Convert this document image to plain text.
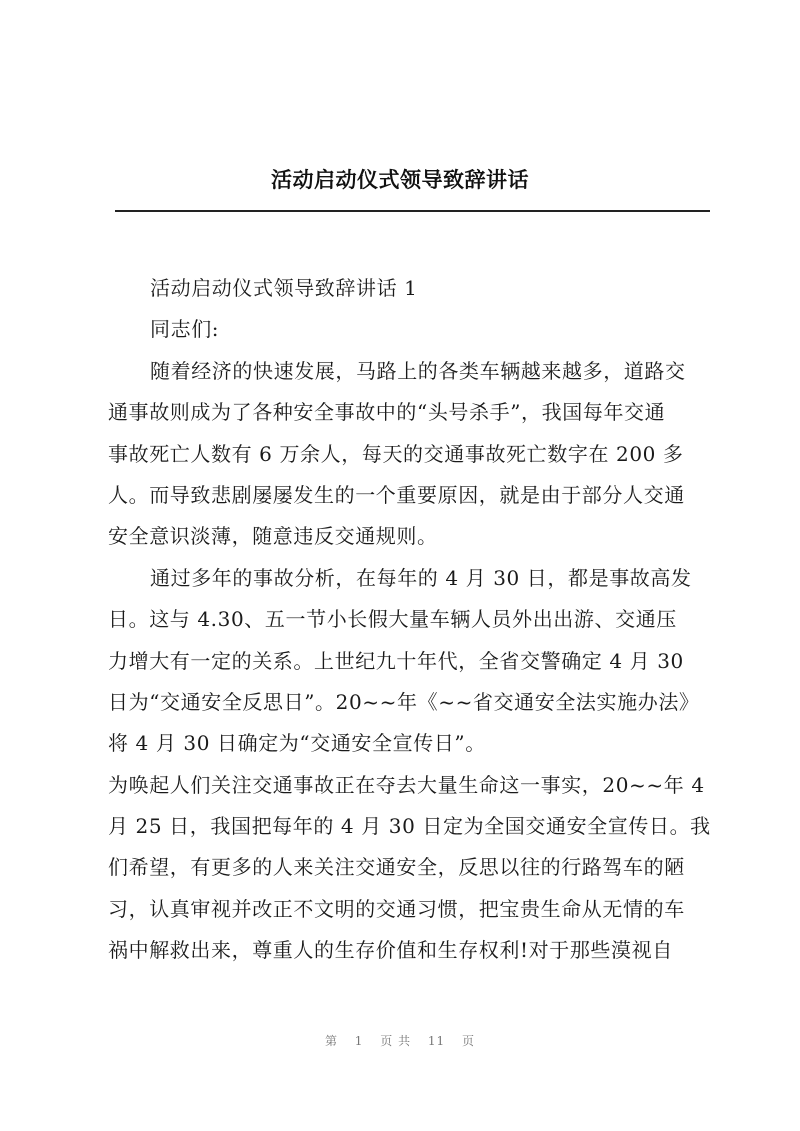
活动启动仪式领导致辞讲话
活动启动仪式领导致辞讲话 1
同志们:
随着经济的快速发展，马路上的各类车辆越来越多，道路交
通事故则成为了各种安全事故中的“头号杀手”，我国每年交通
事故死亡人数有 6 万余人，每天的交通事故死亡数字在 200 多
人。而导致悲剧屡屡发生的一个重要原因，就是由于部分人交通
安全意识淡薄，随意违反交通规则。
通过多年的事故分析，在每年的 4 月 30 日，都是事故高发
日。这与 4.30、五一节小长假大量车辆人员外出出游、交通压
力增大有一定的关系。上世纪九十年代，全省交警确定 4 月 30
日为“交通安全反思日”。20~~年《~~省交通安全法实施办法》
将 4 月 30 日确定为“交通安全宣传日”。
为唤起人们关注交通事故正在夺去大量生命这一事实，20~~年 4
月 25 日，我国把每年的 4 月 30 日定为全国交通安全宣传日。我
们希望，有更多的人来关注交通安全，反思以往的行路驾车的陋
习，认真审视并改正不文明的交通习惯，把宝贵生命从无情的车
祸中解救出来，尊重人的生存价值和生存权利!对于那些漠视自
第 1 页 共 11 页
